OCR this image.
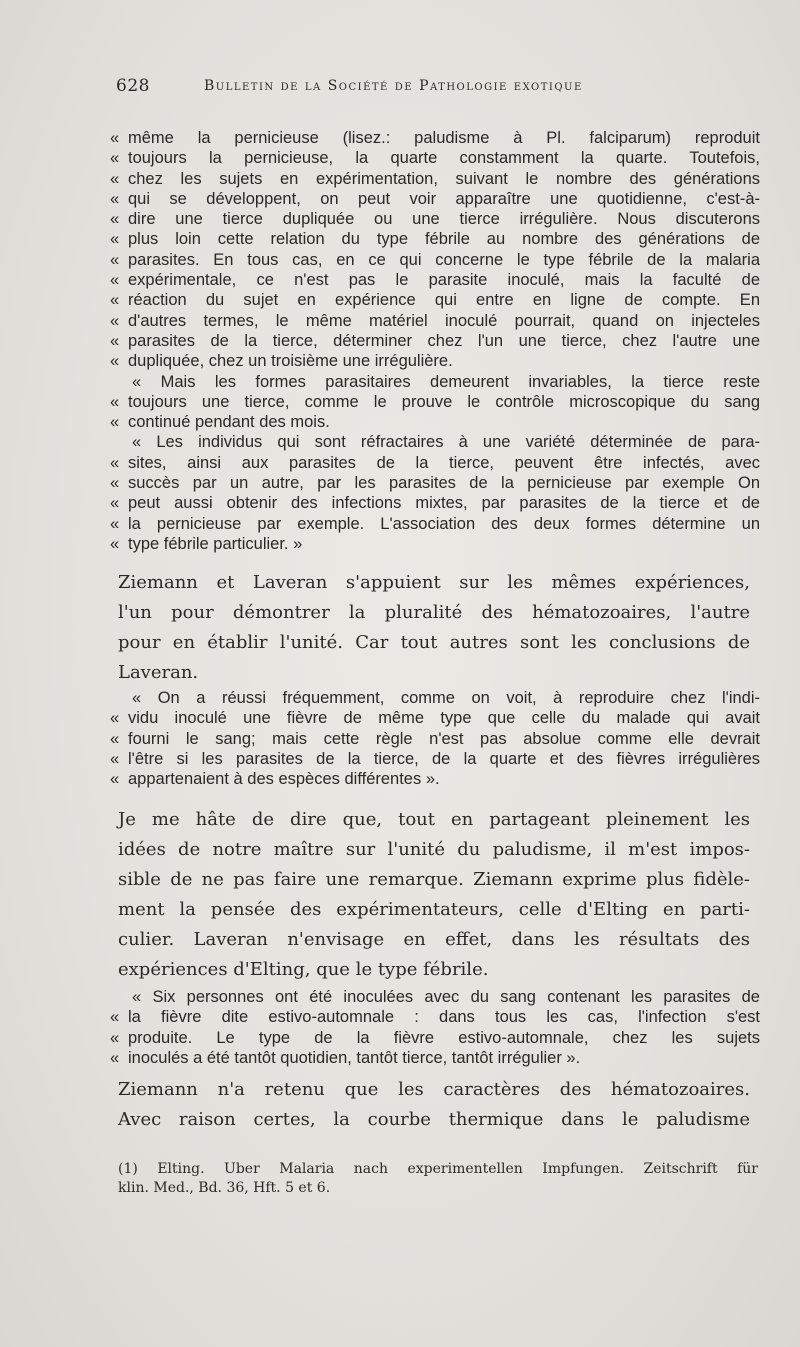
628	Bulletin de la Société de Pathologie exotique
« même la pernicieuse (lisez.: paludisme à Pl. falciparum) reproduit
« toujours la pernicieuse, la quarte constamment la quarte. Toutefois,
« chez les sujets en expérimentation, suivant le nombre des générations
« qui se développent, on peut voir apparaître une quotidienne, c'est-à-
« dire une tierce dupliquée ou une tierce irrégulière. Nous discuterons
« plus loin cette relation du type fébrile au nombre des générations de
« parasites. En tous cas, en ce qui concerne le type fébrile de la malaria
« expérimentale, ce n'est pas le parasite inoculé, mais la faculté de
« réaction du sujet en expérience qui entre en ligne de compte. En
« d'autres termes, le même matériel inoculé pourrait, quand on injecteles
« parasites de la tierce, déterminer chez l'un une tierce, chez l'autre une
« dupliquée, chez un troisième une irrégulière.
« Mais les formes parasitaires demeurent invariables, la tierce reste
« toujours une tierce, comme le prouve le contrôle microscopique du sang
« continué pendant des mois.
« Les individus qui sont réfractaires à une variété déterminée de para-
« sites, ainsi aux parasites de la tierce, peuvent être infectés, avec
« succès par un autre, par les parasites de la pernicieuse par exemple On
« peut aussi obtenir des infections mixtes, par parasites de la tierce et de
« la pernicieuse par exemple. L'association des deux formes détermine un
« type fébrile particulier. »
Ziemann et Laveran s'appuient sur les mêmes expériences,
l'un pour démontrer la pluralité des hématozoaires, l'autre
pour en établir l'unité. Car tout autres sont les conclusions de
Laveran.
« On a réussi fréquemment, comme on voit, à reproduire chez l'indi-
« vidu inoculé une fièvre de même type que celle du malade qui avait
« fourni le sang; mais cette règle n'est pas absolue comme elle devrait
« l'être si les parasites de la tierce, de la quarte et des fièvres irrégulières
« appartenaient à des espèces différentes ».
Je me hâte de dire que, tout en partageant pleinement les
idées de notre maître sur l'unité du paludisme, il m'est impos-
sible de ne pas faire une remarque. Ziemann exprime plus fidèle-
ment la pensée des expérimentateurs, celle d'Elting en parti-
culier. Laveran n'envisage en effet, dans les résultats des
expériences d'Elting, que le type fébrile.
« Six personnes ont été inoculées avec du sang contenant les parasites de
« la fièvre dite estivo-automnale : dans tous les cas, l'infection s'est
« produite. Le type de la fièvre estivo-automnale, chez les sujets
« inoculés a été tantôt quotidien, tantôt tierce, tantôt irrégulier ».
Ziemann n'a retenu que les caractères des hématozoaires.
Avec raison certes, la courbe thermique dans le paludisme
(1) Elting. Uber Malaria nach experimentellen Impfungen. Zeitschrift für
klin. Med., Bd. 36, Hft. 5 et 6.
